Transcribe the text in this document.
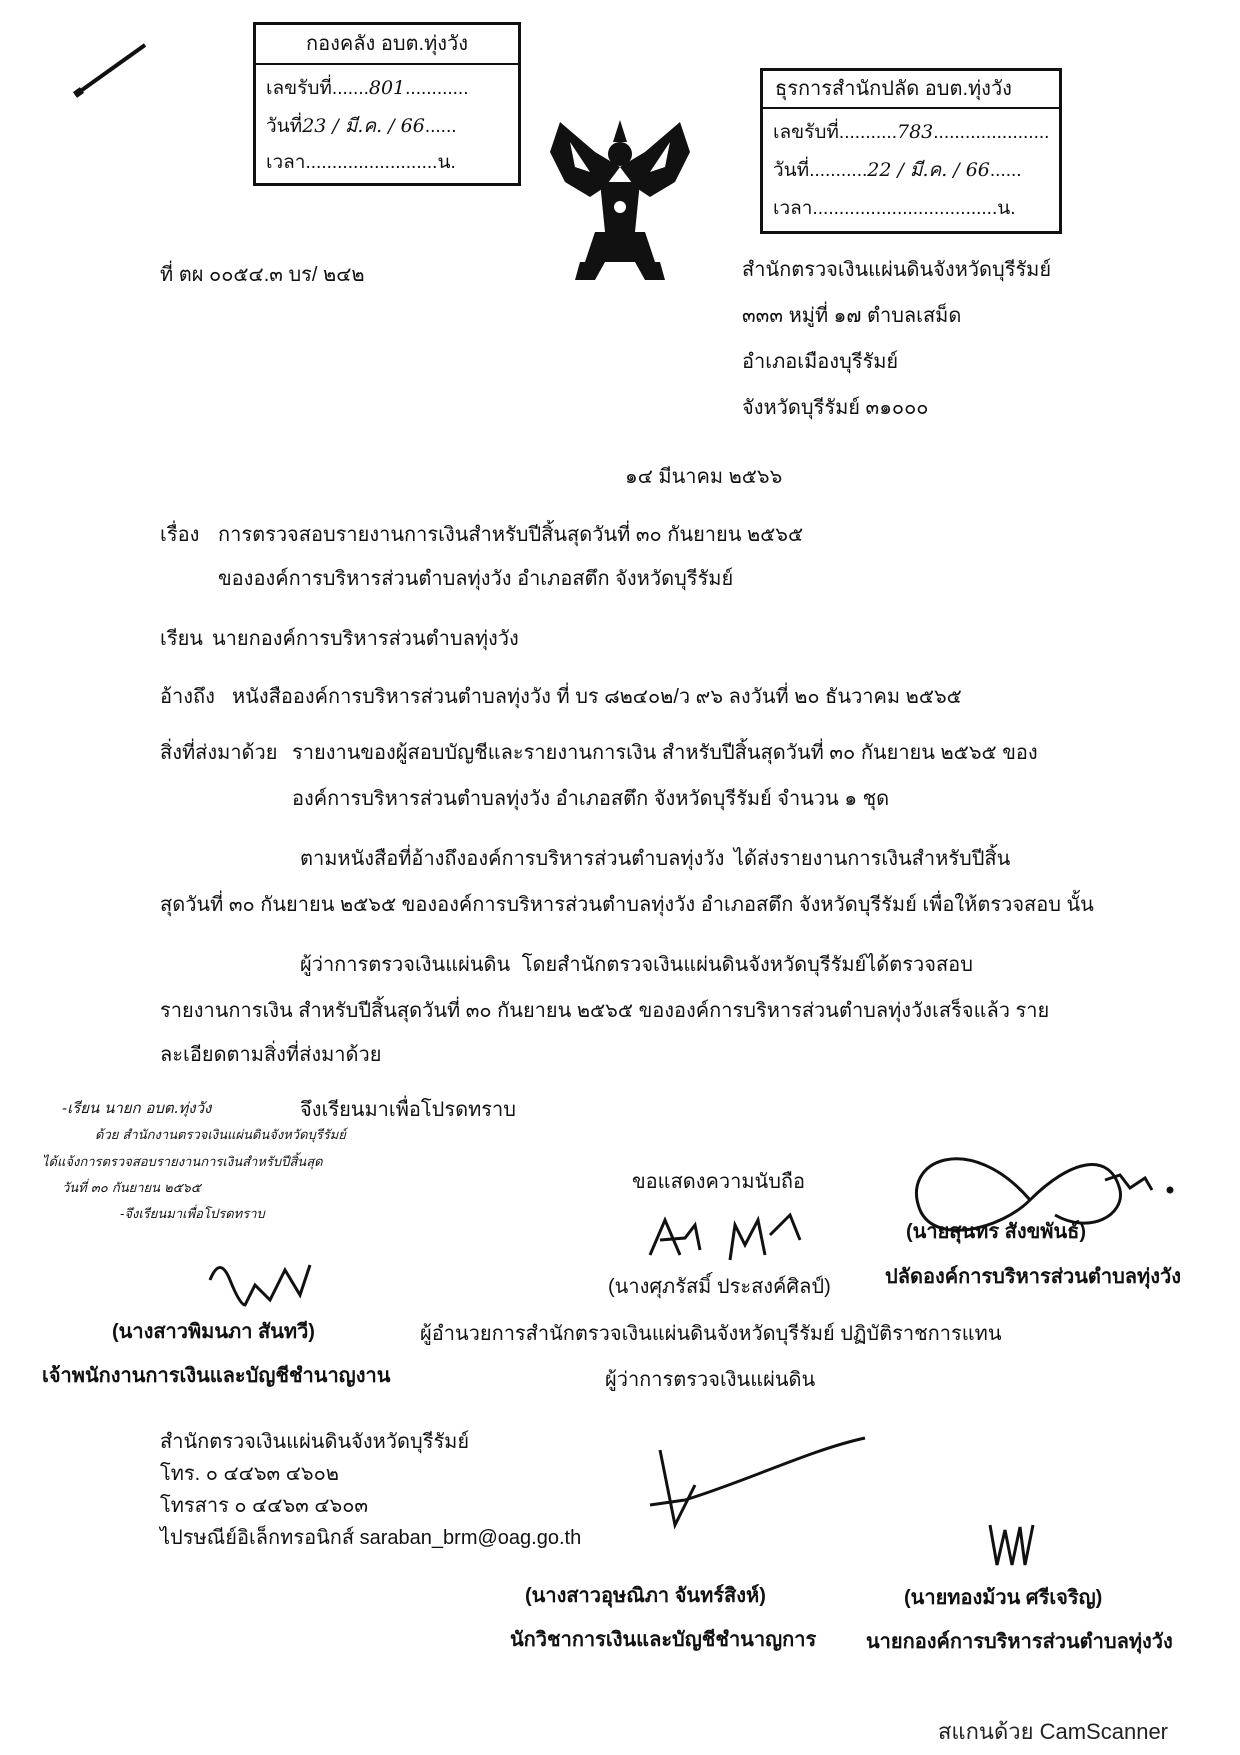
กองคลัง อบต.ทุ่งวัง
เลขรับที่.......801............
วันที่23 / มี.ค. / 66......
เวลา.........................น.
ธุรการสำนักปลัด อบต.ทุ่งวัง
เลขรับที่...........783......................
วันที่...........22 / มี.ค. / 66......
เวลา...................................น.
ที่ ตผ ๐๐๕๔.๓ บร/ ๒๔๒	สำนักตรวจเงินแผ่นดินจังหวัดบุรีรัมย์
๓๓๓ หมู่ที่ ๑๗ ตำบลเสม็ด
อำเภอเมืองบุรีรัมย์
จังหวัดบุรีรัมย์ ๓๑๐๐๐
๑๔ มีนาคม ๒๕๖๖
เรื่อง การตรวจสอบรายงานการเงินสำหรับปีสิ้นสุดวันที่ ๓๐ กันยายน ๒๕๖๕
ขององค์การบริหารส่วนตำบลทุ่งวัง อำเภอสตึก จังหวัดบุรีรัมย์
เรียน นายกองค์การบริหารส่วนตำบลทุ่งวัง
อ้างถึง หนังสือองค์การบริหารส่วนตำบลทุ่งวัง ที่ บร ๘๒๔๐๒/ว ๙๖ ลงวันที่ ๒๐ ธันวาคม ๒๕๖๕
สิ่งที่ส่งมาด้วย รายงานของผู้สอบบัญชีและรายงานการเงิน สำหรับปีสิ้นสุดวันที่ ๓๐ กันยายน ๒๕๖๕ ของ
องค์การบริหารส่วนตำบลทุ่งวัง อำเภอสตึก จังหวัดบุรีรัมย์ จำนวน ๑ ชุด
ตามหนังสือที่อ้างถึงองค์การบริหารส่วนตำบลทุ่งวัง ได้ส่งรายงานการเงินสำหรับปีสิ้น
สุดวันที่ ๓๐ กันยายน ๒๕๖๕ ขององค์การบริหารส่วนตำบลทุ่งวัง อำเภอสตึก จังหวัดบุรีรัมย์ เพื่อให้ตรวจสอบ นั้น
ผู้ว่าการตรวจเงินแผ่นดิน โดยสำนักตรวจเงินแผ่นดินจังหวัดบุรีรัมย์ได้ตรวจสอบ
รายงานการเงิน สำหรับปีสิ้นสุดวันที่ ๓๐ กันยายน ๒๕๖๕ ขององค์การบริหารส่วนตำบลทุ่งวังเสร็จแล้ว ราย
ละเอียดตามสิ่งที่ส่งมาด้วย
จึงเรียนมาเพื่อโปรดทราบ
-เรียน นายก อบต.ทุ่งวัง
ด้วย สำนักงานตรวจเงินแผ่นดินจังหวัดบุรีรัมย์
ได้แจ้งการตรวจสอบรายงานการเงินสำหรับปีสิ้นสุด
วันที่ ๓๐ กันยายน ๒๕๖๕
-จึงเรียนมาเพื่อโปรดทราบ
ขอแสดงความนับถือ
(นางศุภรัสมิ์ ประสงค์ศิลป์)
ผู้อำนวยการสำนักตรวจเงินแผ่นดินจังหวัดบุรีรัมย์ ปฏิบัติราชการแทน
ผู้ว่าการตรวจเงินแผ่นดิน
(นางสาวพิมนภา สันทวี)
เจ้าพนักงานการเงินและบัญชีชำนาญงาน
(นายสุนทร สังขพันธ์)
ปลัดองค์การบริหารส่วนตำบลทุ่งวัง
สำนักตรวจเงินแผ่นดินจังหวัดบุรีรัมย์
โทร. ๐ ๔๔๖๓ ๔๖๐๒
โทรสาร ๐ ๔๔๖๓ ๔๖๐๓
ไปรษณีย์อิเล็กทรอนิกส์ saraban_brm@oag.go.th
(นางสาวอุษณิภา จันทร์สิงห์)
นักวิชาการเงินและบัญชีชำนาญการ
(นายทองม้วน ศรีเจริญ)
นายกองค์การบริหารส่วนตำบลทุ่งวัง
สแกนด้วย CamScanner
